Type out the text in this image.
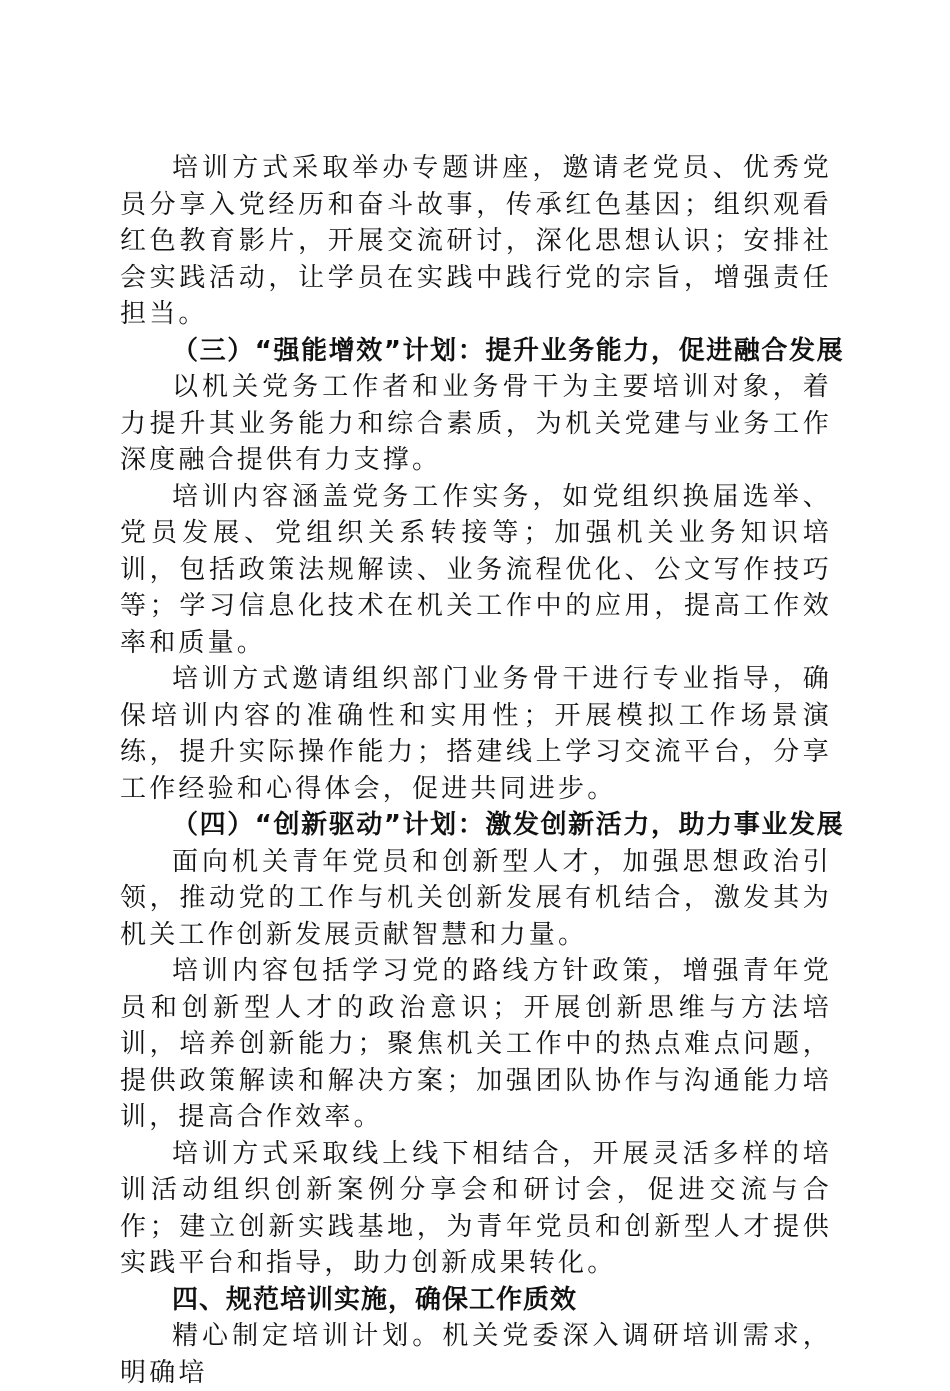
培训方式采取举办专题讲座，邀请老党员、优秀党员分享入党经历和奋斗故事，传承红色基因；组织观看红色教育影片，开展交流研讨，深化思想认识；安排社会实践活动，让学员在实践中践行党的宗旨，增强责任担当。

（三）“强能增效”计划：提升业务能力，促进融合发展

以机关党务工作者和业务骨干为主要培训对象，着力提升其业务能力和综合素质，为机关党建与业务工作深度融合提供有力支撑。

培训内容涵盖党务工作实务，如党组织换届选举、党员发展、党组织关系转接等；加强机关业务知识培训，包括政策法规解读、业务流程优化、公文写作技巧等；学习信息化技术在机关工作中的应用，提高工作效率和质量。

培训方式邀请组织部门业务骨干进行专业指导，确保培训内容的准确性和实用性；开展模拟工作场景演练，提升实际操作能力；搭建线上学习交流平台，分享工作经验和心得体会，促进共同进步。

（四）“创新驱动”计划：激发创新活力，助力事业发展

面向机关青年党员和创新型人才，加强思想政治引领，推动党的工作与机关创新发展有机结合，激发其为机关工作创新发展贡献智慧和力量。

培训内容包括学习党的路线方针政策，增强青年党员和创新型人才的政治意识；开展创新思维与方法培训，培养创新能力；聚焦机关工作中的热点难点问题，提供政策解读和解决方案；加强团队协作与沟通能力培训，提高合作效率。

培训方式采取线上线下相结合，开展灵活多样的培训活动组织创新案例分享会和研讨会，促进交流与合作；建立创新实践基地，为青年党员和创新型人才提供实践平台和指导，助力创新成果转化。

四、规范培训实施，确保工作质效

精心制定培训计划。机关党委深入调研培训需求，明确培
